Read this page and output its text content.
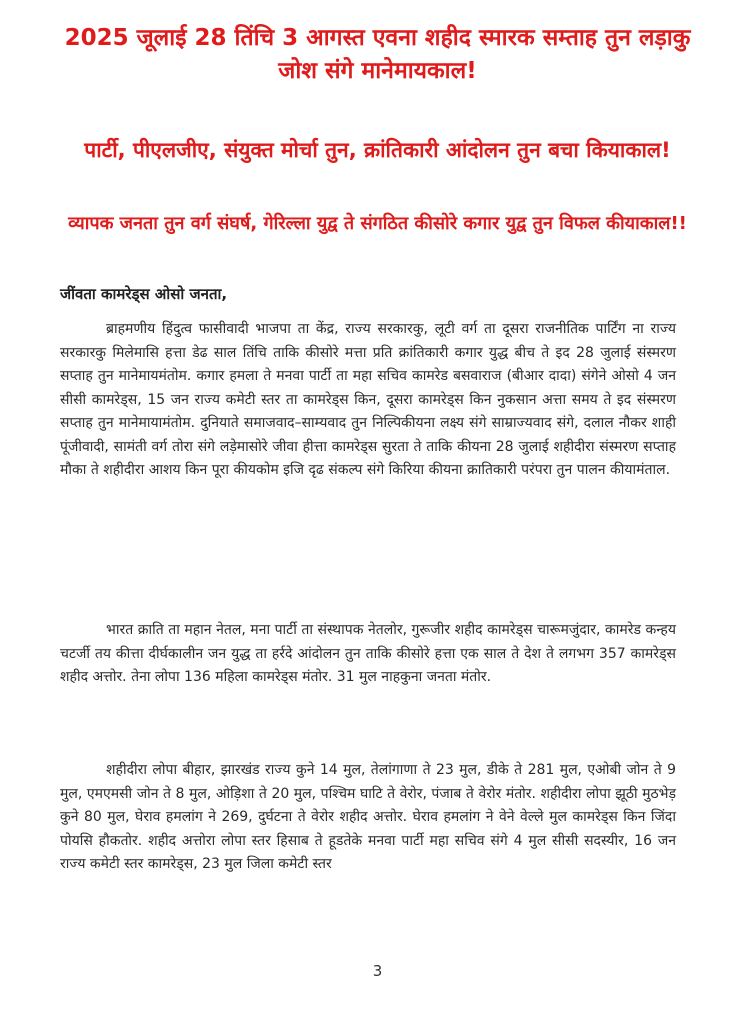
2025 जूलाई 28 तिंचि 3 आगस्त एवना शहीद स्मारक सम्ताह तुन लड़ाकु जोश संगे मानेमायकाल!
पार्टी, पीएलजीए, संयुक्त मोर्चा तुन, क्रांतिकारी आंदोलन तुन बचा कियाकाल!
व्यापक जनता तुन वर्ग संघर्ष, गेरिल्ला युद्व ते संगठित कीसोरे कगार युद्व तुन विफल कीयाकाल!!
जींवता कामरेड्स ओसो जनता,

ब्राहमणीय हिंदुत्व फासीवादी भाजपा ता केंद्र, राज्य सरकारकु, लूटी वर्ग ता दूसरा राजनीतिक पार्टिंग ना राज्य सरकारकु मिलेमासि हत्ता डेढ साल तिंचि ताकि कीसोरे मत्ता प्रति क्रांतिकारी कगार युद्ध बीच ते इद 28 जुलाई संस्मरण सप्ताह तुन मानेमायमंतोम. कगार हमला ते मनवा पार्टी ता महा सचिव कामरेड बसवाराज (बीआर दादा) संगेने ओसो 4 जन सीसी कामरेड्स, 15 जन राज्य कमेटी स्तर ता कामरेड्स किन, दूसरा कामरेड्स किन नुकसान अत्ता समय ते इद संस्मरण सप्ताह तुन मानेमायामंतोम. दुनियाते समाजवाद–साम्यवाद तुन निल्पिकीयना लक्ष्य संगे साम्राज्यवाद संगे, दलाल नौकर शाही पूंजीवादी, सामंती वर्ग तोरा संगे लड़ेमासोरे जीवा हीत्ता कामरेड्स सुरता ते ताकि कीयना 28 जुलाई शहीदीरा संस्मरण सप्ताह मौका ते शहीदीरा आशय किन पूरा कीयकोम इजि दृढ संकल्प संगे किरिया कीयना क्रातिकारी परंपरा तुन पालन कीयामंताल.

भारत क्राति ता महान नेतल, मना पार्टी ता संस्थापक नेतलोर, गुरूजीर शहीद कामरेड्स चारूमजुंदार, कामरेड कन्हय चटर्जी तय कीत्ता दीर्घकालीन जन युद्ध ता हर्रदे आंदोलन तुन ताकि कीसोरे हत्ता एक साल ते देश ते लगभग 357 कामरेड्स शहीद अत्तोर. तेना लोपा 136 महिला कामरेड्स मंतोर. 31 मुल नाहकुना जनता मंतोर.

शहीदीरा लोपा बीहार, झारखंड राज्य कुने 14 मुल, तेलांगाणा ते 23 मुल, डीके ते 281 मुल, एओबी जोन ते 9 मुल, एमएमसी जोन ते 8 मुल, ओड़िशा ते 20 मुल, पश्चिम घाटि ते वेरोर, पंजाब ते वेरोर मंतोर. शहीदीरा लोपा झूठी मुठभेड़ कुने 80 मुल, घेराव हमलांग ने 269, दुर्घटना ते वेरोर शहीद अत्तोर. घेराव हमलांग ने वेने वेल्ले मुल कामरेड्स किन जिंदा पोयसि हौकतोर. शहीद अत्तोरा लोपा स्तर हिसाब ते हूडतेके मनवा पार्टी महा सचिव संगे 4 मुल सीसी सदस्यीर, 16 जन राज्य कमेटी स्तर कामरेड्स, 23 मुल जिला कमेटी स्तर

3
